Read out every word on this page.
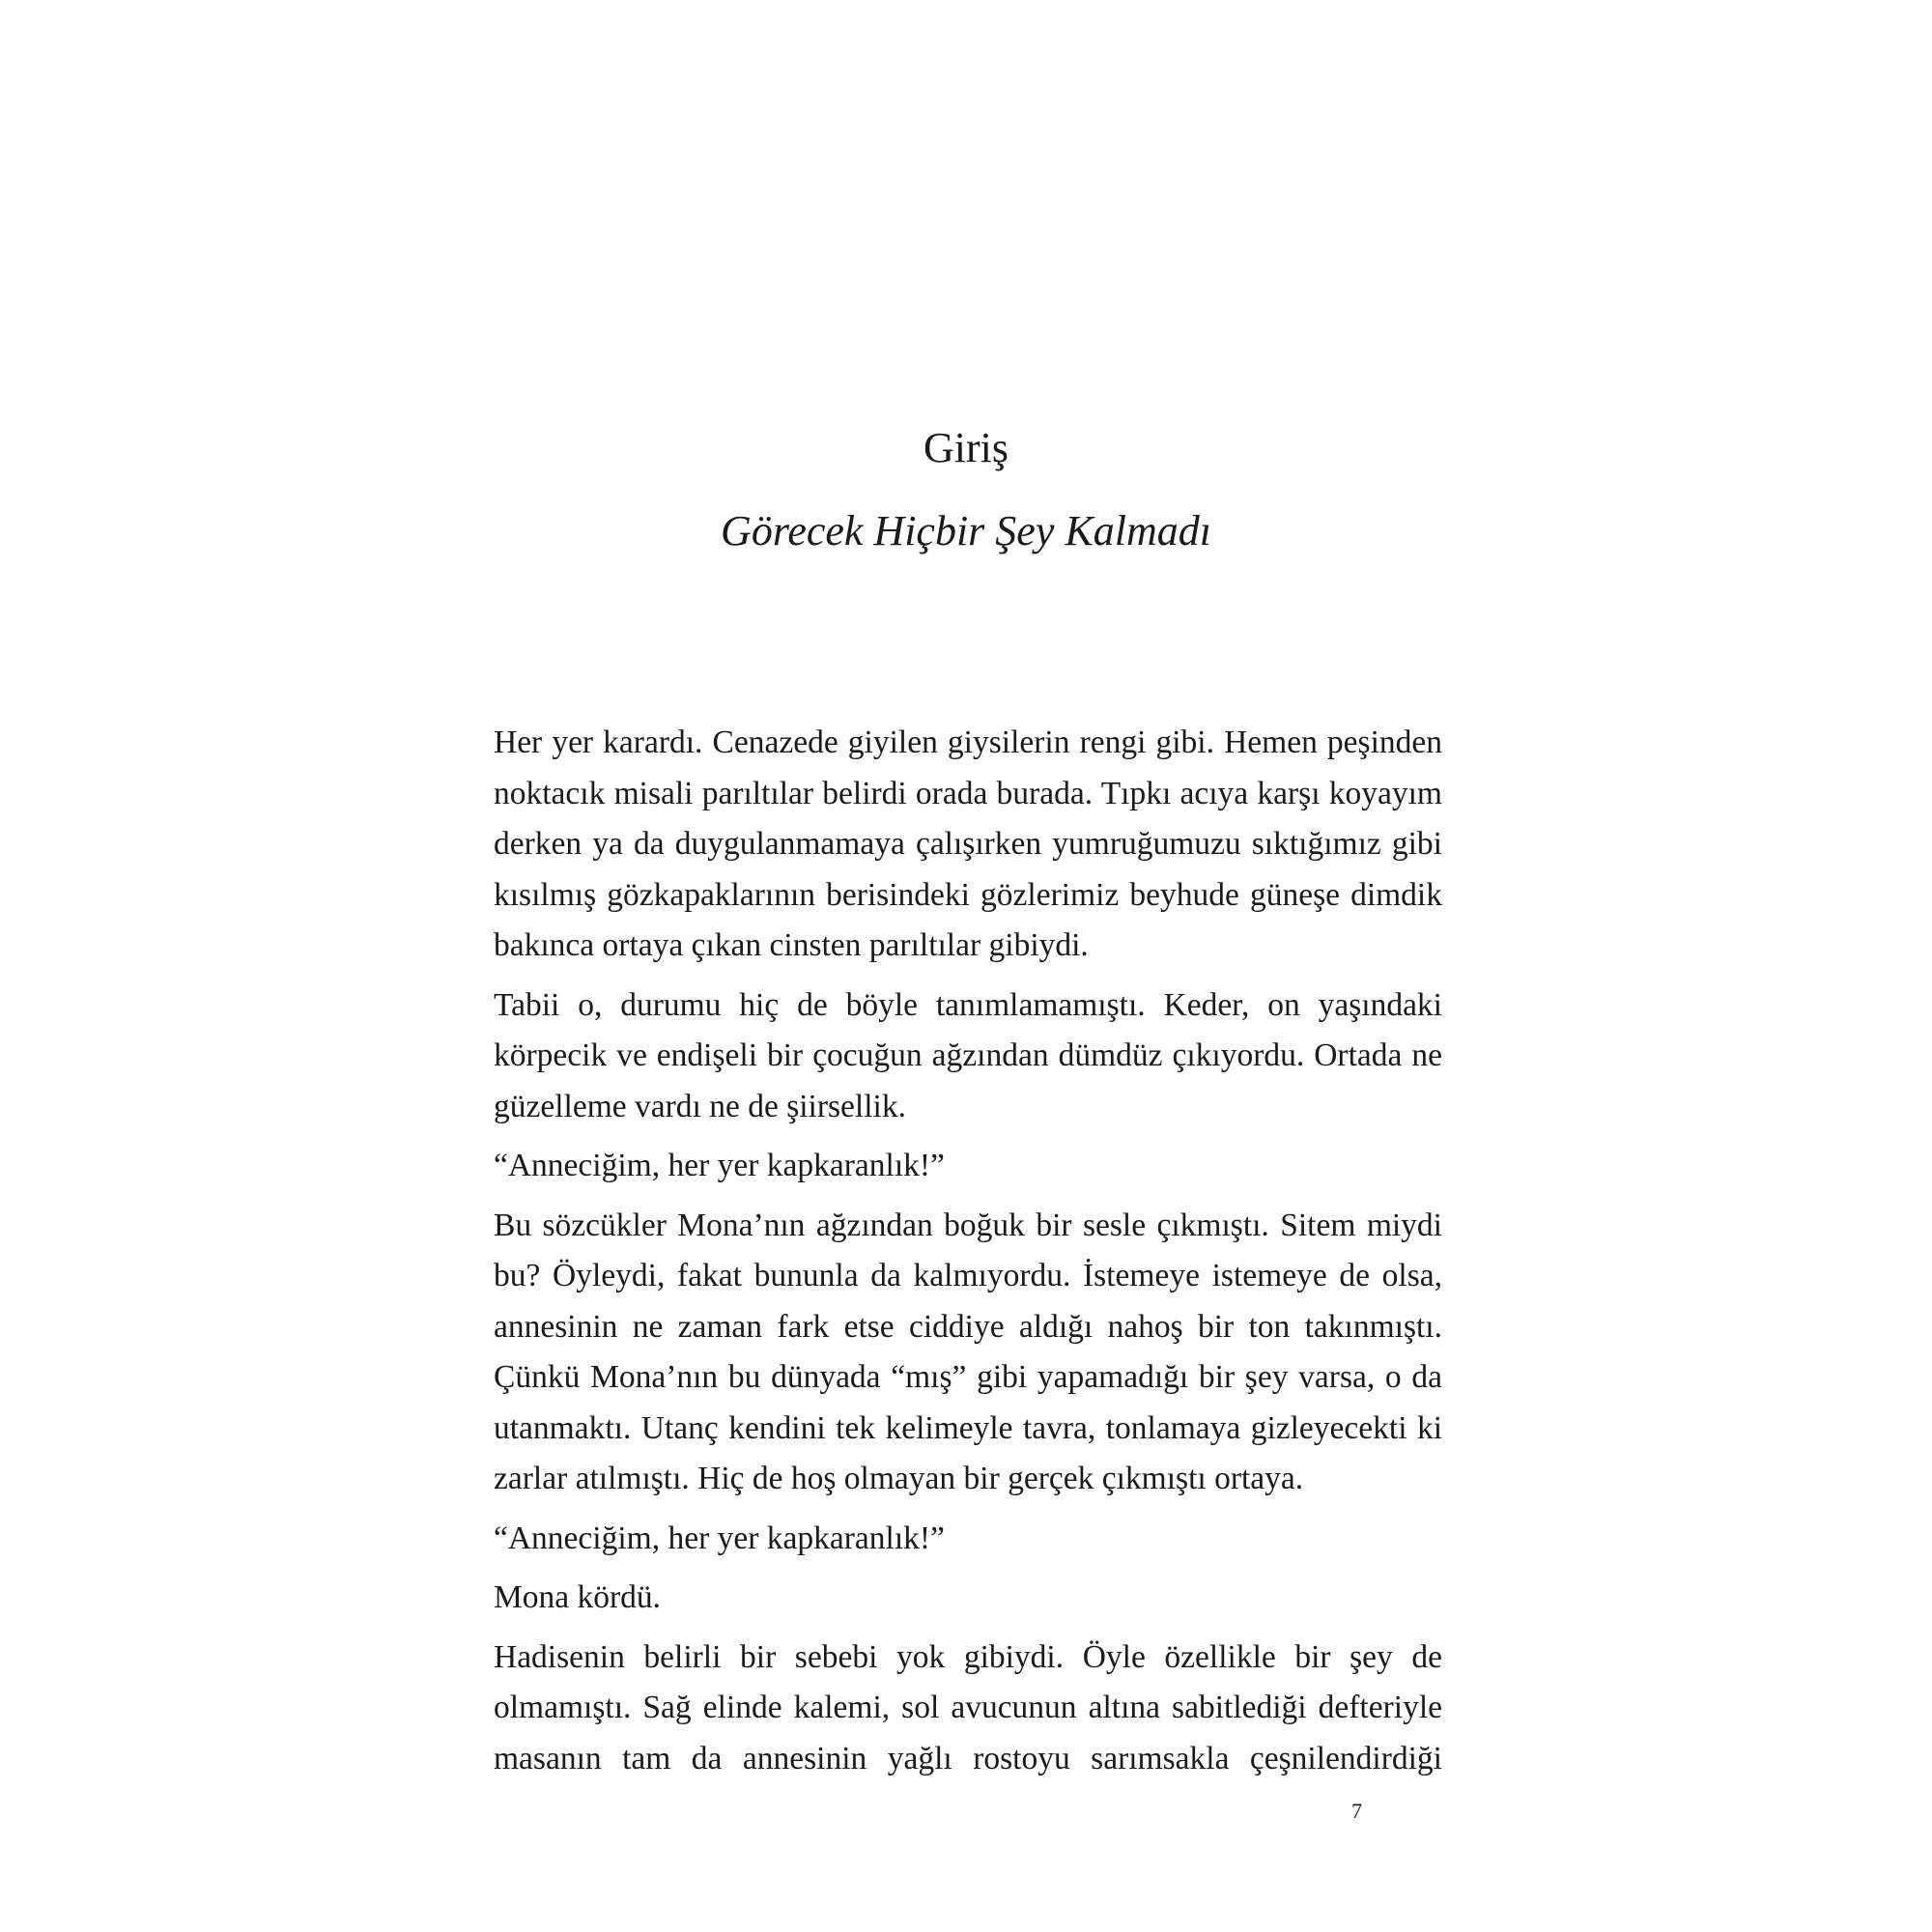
Giriş
Görecek Hiçbir Şey Kalmadı

Her yer karardı. Cenazede giyilen giysilerin rengi gibi. Hemen peşinden noktacık misali parıltılar belirdi orada burada. Tıpkı acıya karşı koyayım derken ya da duygulanmamaya çalışırken yumruğumuzu sıktığımız gibi kısılmış gözkapaklarının berisindeki gözlerimiz beyhude güneşe dimdik bakınca ortaya çıkan cinsten parıltılar gibiydi.

Tabii o, durumu hiç de böyle tanımlamamıştı. Keder, on yaşındaki körpecik ve endişeli bir çocuğun ağzından dümdüz çıkıyordu. Ortada ne güzelleme vardı ne de şiirsellik.

“Anneciğim, her yer kapkaranlık!”

Bu sözcükler Mona’nın ağzından boğuk bir sesle çıkmıştı. Sitem miydi bu? Öyleydi, fakat bununla da kalmıyordu. İstemeye istemeye de olsa, annesinin ne zaman fark etse ciddiye aldığı nahoş bir ton takınmıştı. Çünkü Mona’nın bu dünyada “mış” gibi yapamadığı bir şey varsa, o da utanmaktı. Utanç kendini tek kelimeyle tavra, tonlamaya gizleyecekti ki zarlar atılmıştı. Hiç de hoş olmayan bir gerçek çıkmıştı ortaya.

“Anneciğim, her yer kapkaranlık!”

Mona kördü.

Hadisenin belirli bir sebebi yok gibiydi. Öyle özellikle bir şey de olmamıştı. Sağ elinde kalemi, sol avucunun altına sabitlediği defteriyle masanın tam da annesinin yağlı rostoyu sarımsakla çeşnilendirdiği

7
